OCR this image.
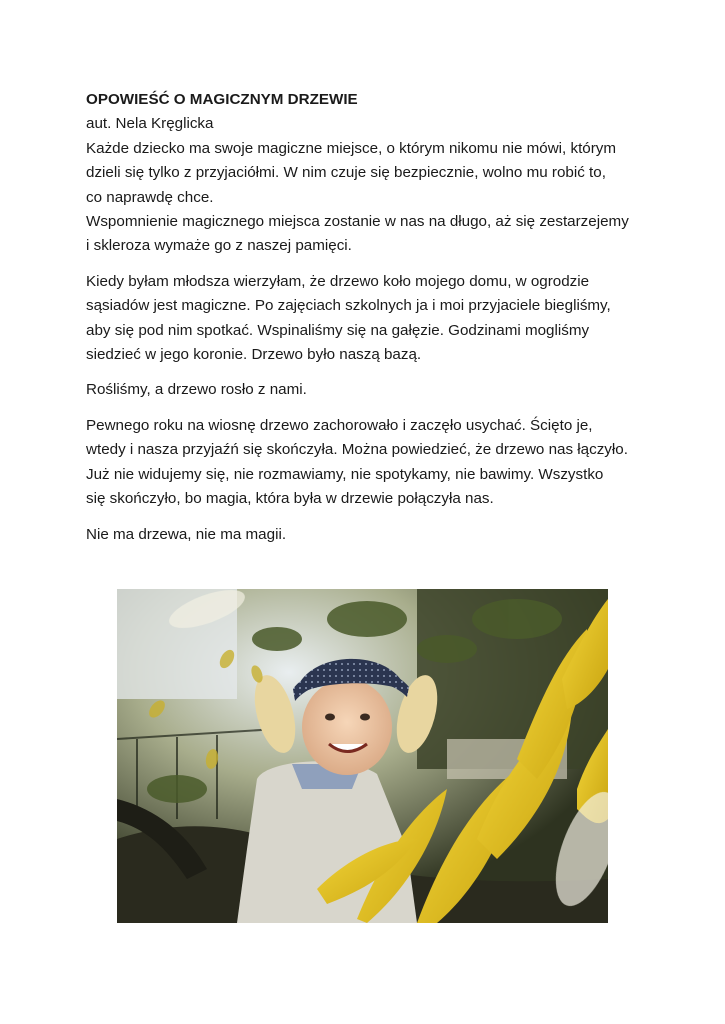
OPOWIEŚĆ O MAGICZNYM DRZEWIE

aut. Nela Kręglicka

Każde dziecko ma swoje magiczne miejsce, o którym nikomu nie mówi, którym

dzieli się tylko z przyjaciółmi. W nim czuje się bezpiecznie, wolno mu robić to,

co naprawdę chce.

Wspomnienie magicznego miejsca zostanie w nas na długo, aż się zestarzejemy

i skleroza wymaże go z naszej pamięci.

Kiedy byłam młodsza wierzyłam, że drzewo koło mojego domu, w ogrodzie

sąsiadów jest magiczne. Po zajęciach szkolnych ja i moi przyjaciele biegliśmy,

aby się pod nim spotkać. Wspinaliśmy się na gałęzie. Godzinami mogliśmy

siedzieć w jego koronie. Drzewo było naszą bazą.

Rośliśmy, a drzewo rosło z nami.

Pewnego roku na wiosnę drzewo zachorowało i zaczęło usychać. Ścięto je,

wtedy i nasza przyjaźń się skończyła. Można powiedzieć, że drzewo nas łączyło.

Już nie widujemy się, nie rozmawiamy, nie spotykamy, nie bawimy. Wszystko

się skończyło, bo magia, która była w drzewie połączyła nas.

Nie ma drzewa, nie ma magii.
